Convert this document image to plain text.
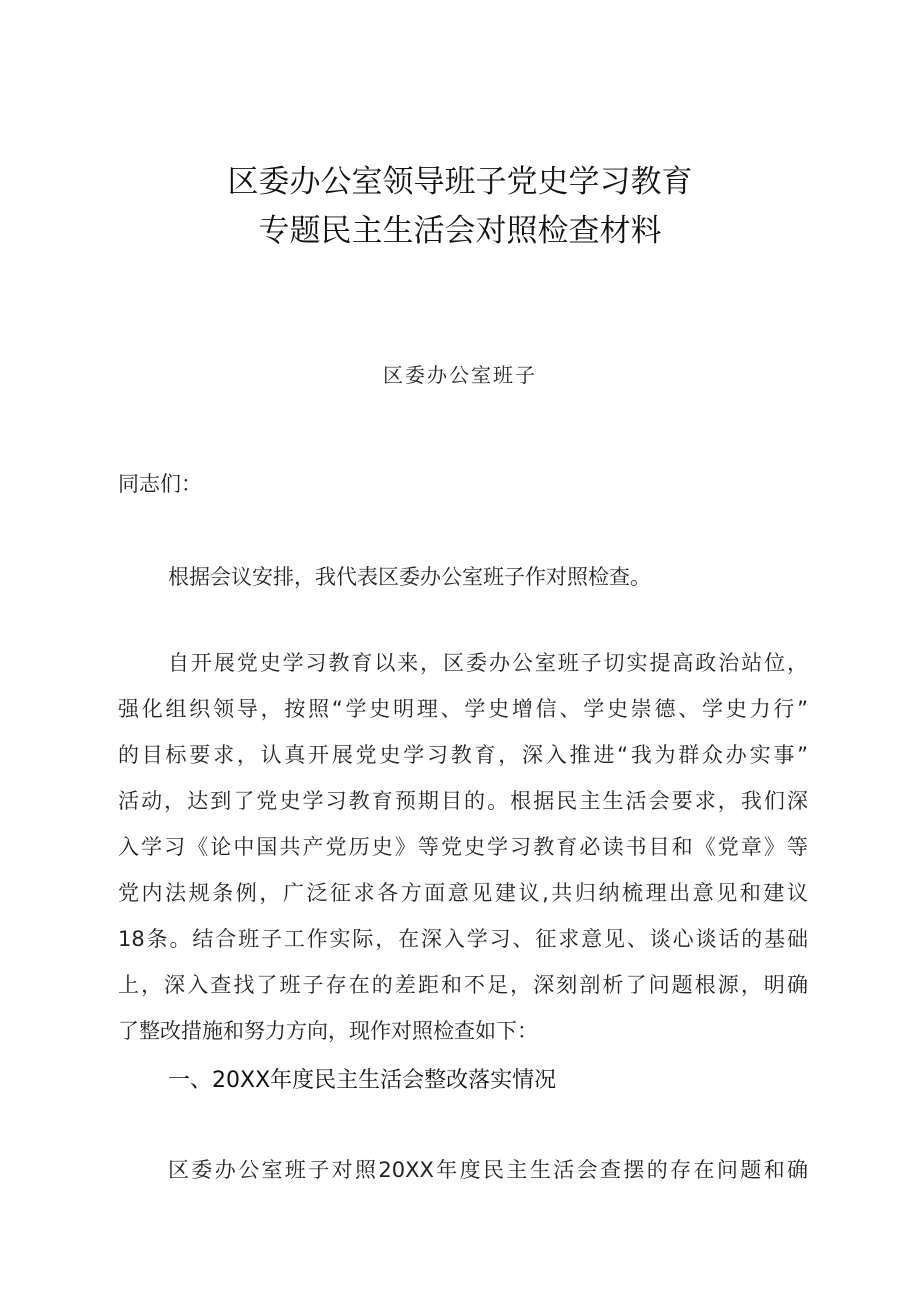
区委办公室领导班子党史学习教育
专题民主生活会对照检查材料
区委办公室班子
同志们：
根据会议安排，我代表区委办公室班子作对照检查。
自开展党史学习教育以来，区委办公室班子切实提高政治站位，
强化组织领导，按照“学史明理、学史增信、学史崇德、学史力行”
的目标要求，认真开展党史学习教育，深入推进“我为群众办实事”
活动，达到了党史学习教育预期目的。根据民主生活会要求，我们深
入学习《论中国共产党历史》等党史学习教育必读书目和《党章》等
党内法规条例，广泛征求各方面意见建议,共归纳梳理出意见和建议
18条。结合班子工作实际，在深入学习、征求意见、谈心谈话的基础
上，深入查找了班子存在的差距和不足，深刻剖析了问题根源，明确
了整改措施和努力方向，现作对照检查如下：
一、20XX年度民主生活会整改落实情况
区委办公室班子对照20XX年度民主生活会查摆的存在问题和确
